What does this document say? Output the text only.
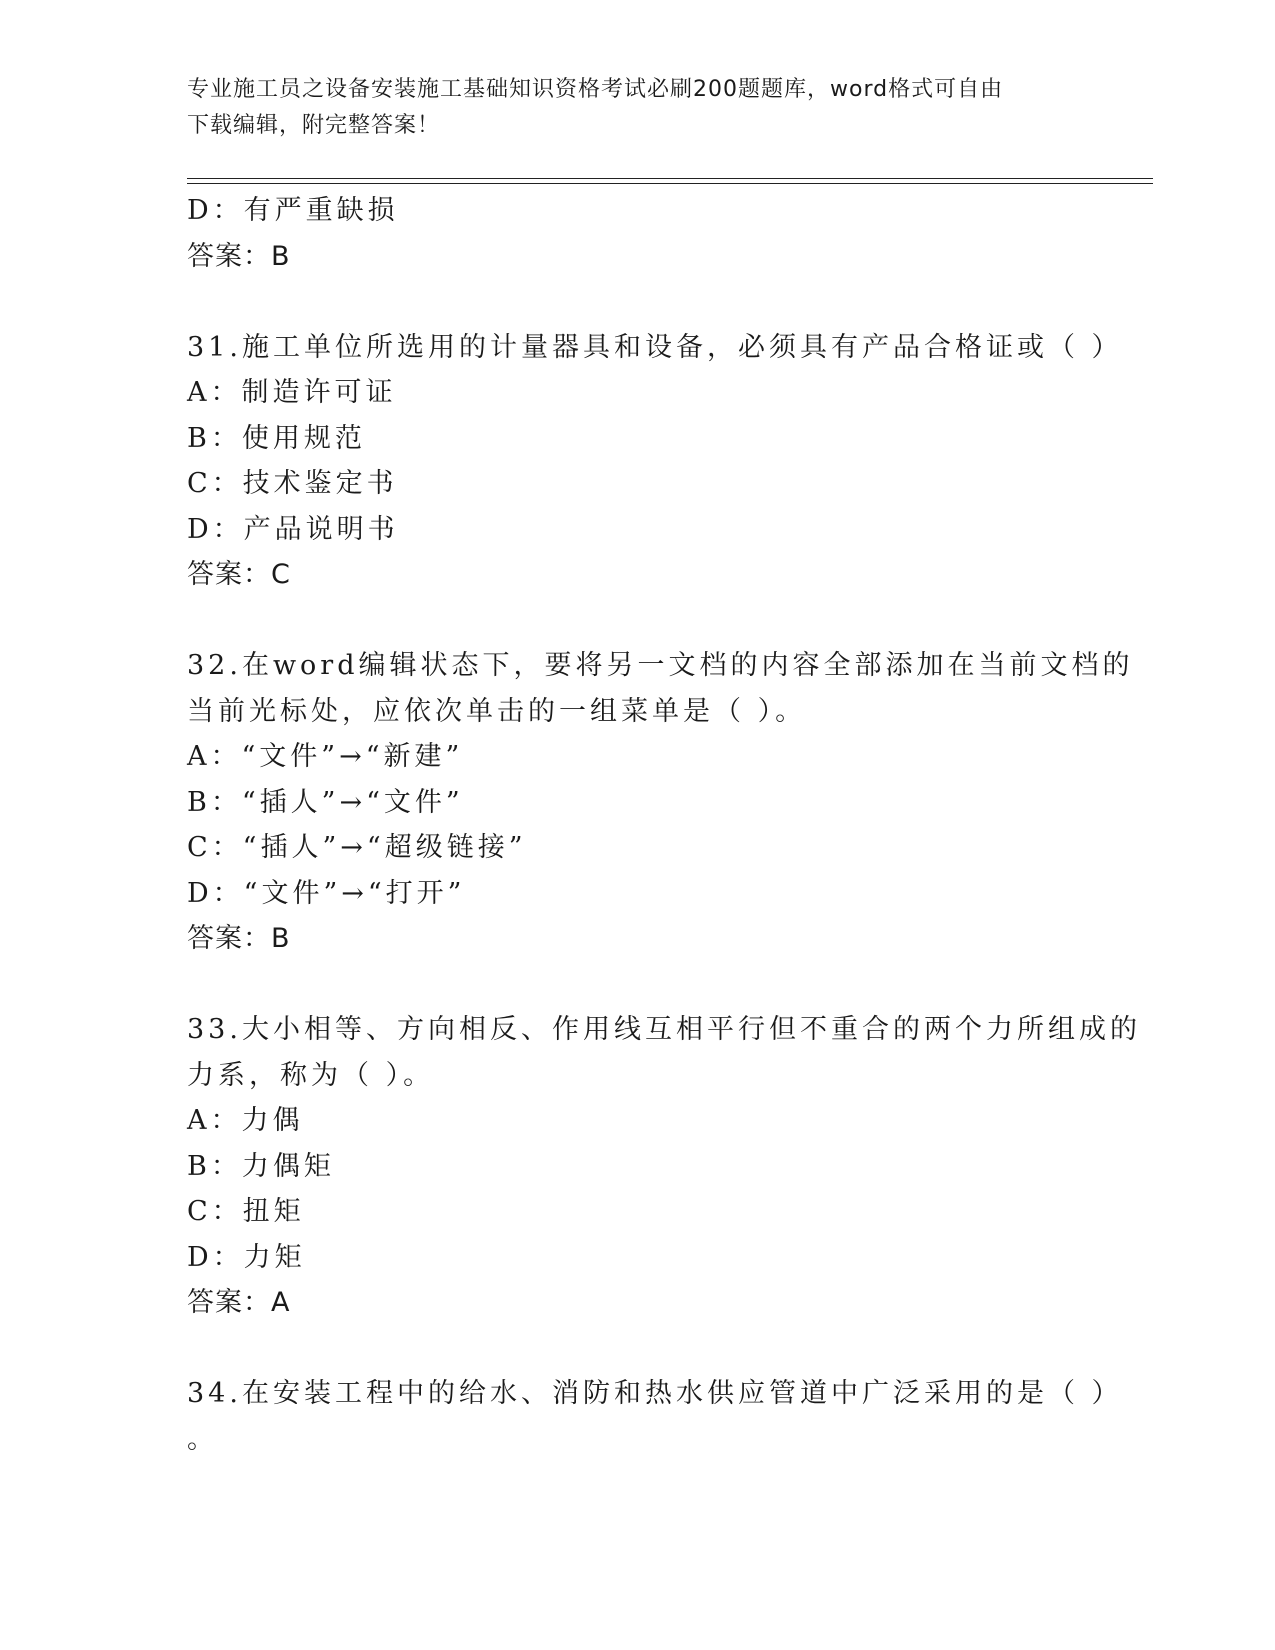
专业施工员之设备安装施工基础知识资格考试必刷200题题库，word格式可自由
下载编辑，附完整答案！
D：有严重缺损
答案：B
31.施工单位所选用的计量器具和设备，必须具有产品合格证或（ ）
A：制造许可证
B：使用规范
C：技术鉴定书
D：产品说明书
答案：C
32.在word编辑状态下，要将另一文档的内容全部添加在当前文档的
当前光标处，应依次单击的一组菜单是（ ）。
A：“文件”→“新建”
B：“插人”→“文件”
C：“插人”→“超级链接”
D：“文件”→“打开”
答案：B
33.大小相等、方向相反、作用线互相平行但不重合的两个力所组成的
力系，称为（ ）。
A：力偶
B：力偶矩
C：扭矩
D：力矩
答案：A
34.在安装工程中的给水、消防和热水供应管道中广泛采用的是（ ）
。
